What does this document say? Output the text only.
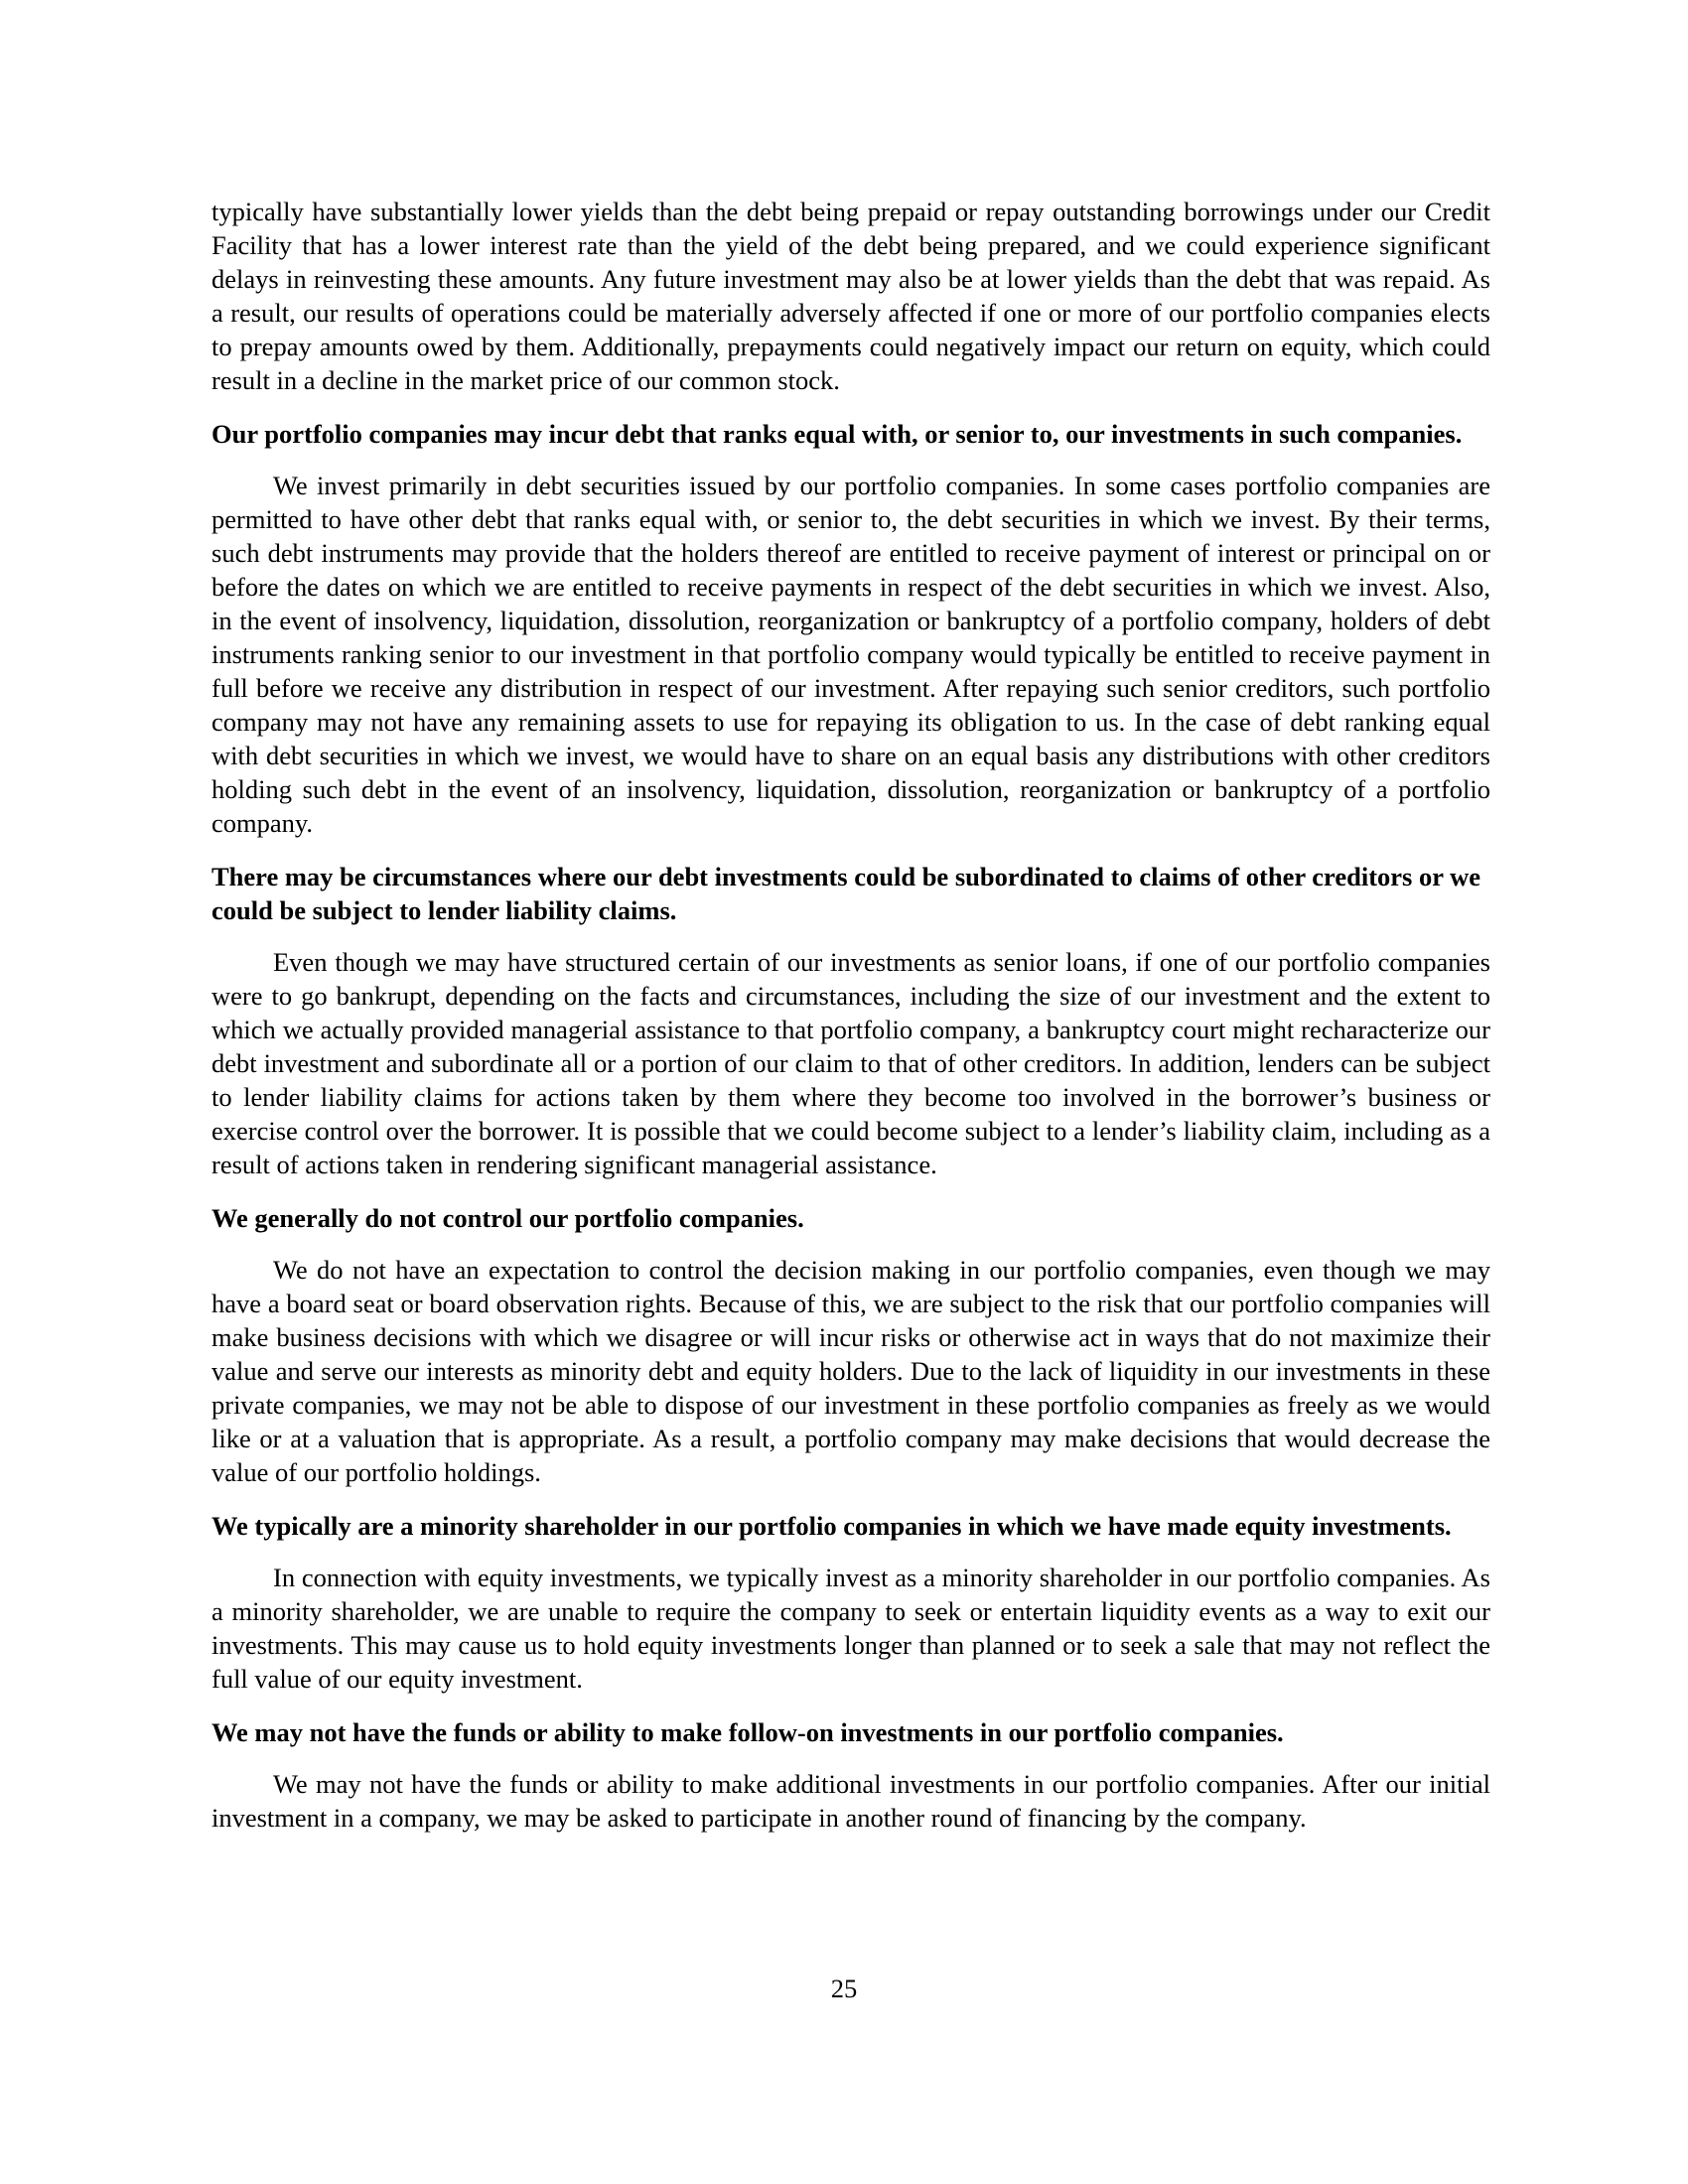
typically have substantially lower yields than the debt being prepaid or repay outstanding borrowings under our Credit Facility that has a lower interest rate than the yield of the debt being prepared, and we could experience significant delays in reinvesting these amounts. Any future investment may also be at lower yields than the debt that was repaid. As a result, our results of operations could be materially adversely affected if one or more of our portfolio companies elects to prepay amounts owed by them. Additionally, prepayments could negatively impact our return on equity, which could result in a decline in the market price of our common stock.

Our portfolio companies may incur debt that ranks equal with, or senior to, our investments in such companies.

We invest primarily in debt securities issued by our portfolio companies. In some cases portfolio companies are permitted to have other debt that ranks equal with, or senior to, the debt securities in which we invest. By their terms, such debt instruments may provide that the holders thereof are entitled to receive payment of interest or principal on or before the dates on which we are entitled to receive payments in respect of the debt securities in which we invest. Also, in the event of insolvency, liquidation, dissolution, reorganization or bankruptcy of a portfolio company, holders of debt instruments ranking senior to our investment in that portfolio company would typically be entitled to receive payment in full before we receive any distribution in respect of our investment. After repaying such senior creditors, such portfolio company may not have any remaining assets to use for repaying its obligation to us. In the case of debt ranking equal with debt securities in which we invest, we would have to share on an equal basis any distributions with other creditors holding such debt in the event of an insolvency, liquidation, dissolution, reorganization or bankruptcy of a portfolio company.

There may be circumstances where our debt investments could be subordinated to claims of other creditors or we could be subject to lender liability claims.

Even though we may have structured certain of our investments as senior loans, if one of our portfolio companies were to go bankrupt, depending on the facts and circumstances, including the size of our investment and the extent to which we actually provided managerial assistance to that portfolio company, a bankruptcy court might recharacterize our debt investment and subordinate all or a portion of our claim to that of other creditors. In addition, lenders can be subject to lender liability claims for actions taken by them where they become too involved in the borrower’s business or exercise control over the borrower. It is possible that we could become subject to a lender’s liability claim, including as a result of actions taken in rendering significant managerial assistance.

We generally do not control our portfolio companies.

We do not have an expectation to control the decision making in our portfolio companies, even though we may have a board seat or board observation rights. Because of this, we are subject to the risk that our portfolio companies will make business decisions with which we disagree or will incur risks or otherwise act in ways that do not maximize their value and serve our interests as minority debt and equity holders. Due to the lack of liquidity in our investments in these private companies, we may not be able to dispose of our investment in these portfolio companies as freely as we would like or at a valuation that is appropriate. As a result, a portfolio company may make decisions that would decrease the value of our portfolio holdings.

We typically are a minority shareholder in our portfolio companies in which we have made equity investments.

In connection with equity investments, we typically invest as a minority shareholder in our portfolio companies. As a minority shareholder, we are unable to require the company to seek or entertain liquidity events as a way to exit our investments. This may cause us to hold equity investments longer than planned or to seek a sale that may not reflect the full value of our equity investment.

We may not have the funds or ability to make follow-on investments in our portfolio companies.

We may not have the funds or ability to make additional investments in our portfolio companies. After our initial investment in a company, we may be asked to participate in another round of financing by the company.

25
